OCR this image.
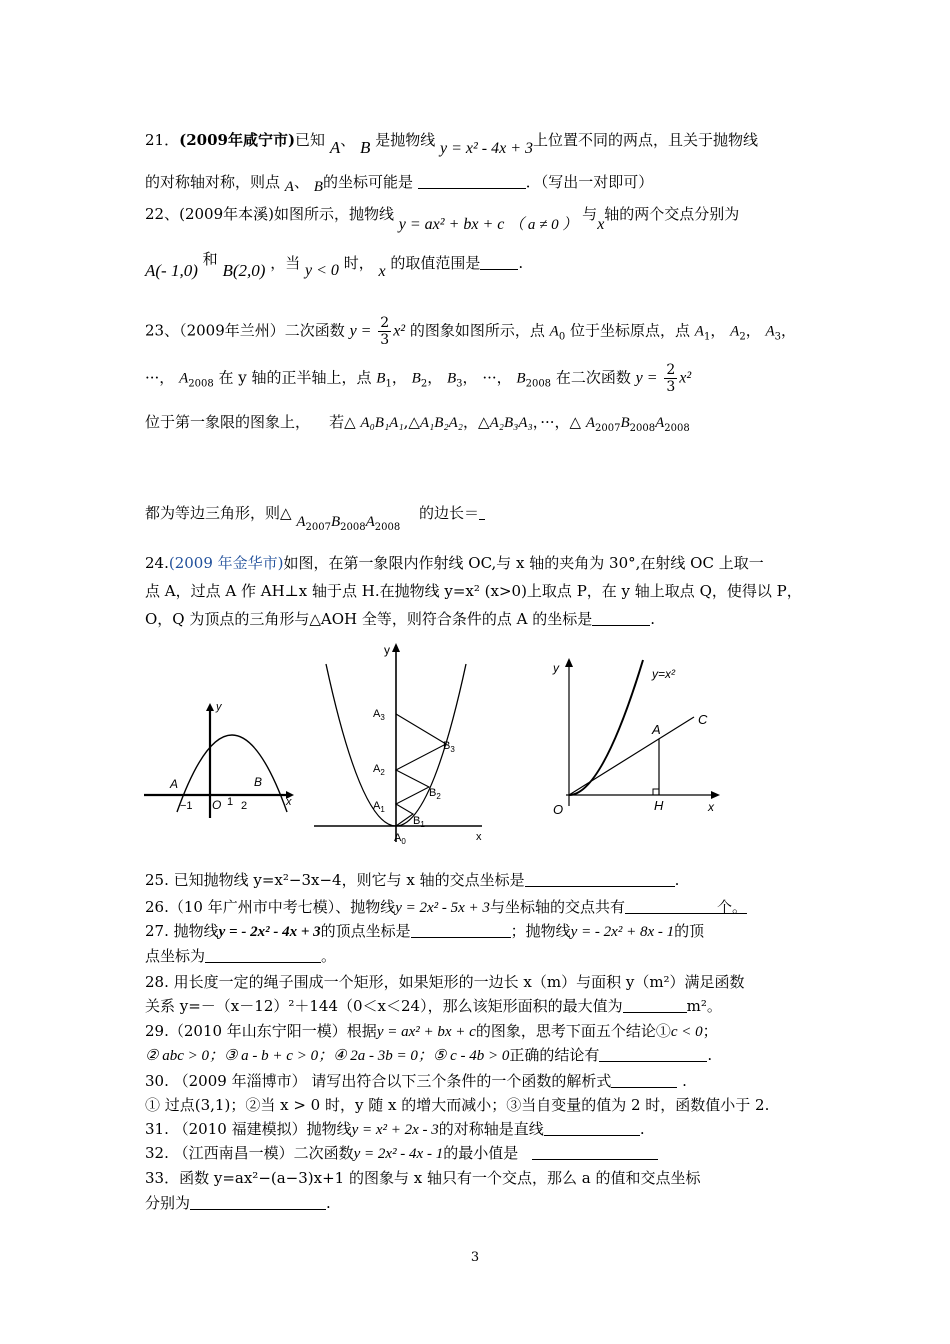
21．(2009年咸宁市)已知 A、 B 是抛物线 y = x² - 4x + 3上位置不同的两点，且关于抛物线
的对称轴对称，则点 A、 B的坐标可能是	．（写出一对即可）
22、(2009年本溪)如图所示，抛物线 y = ax² + bx + c （ a ≠ 0 ） 与x轴的两个交点分别为
A(- 1,0) 和 B(2,0) ，当 y < 0 时， x 的取值范围是	.
23、（2009年兰州）二次函数 $y = \frac{2}{3} x^2$ 的图象如图所示，点 $A_0$ 位于坐标原点，点 $A_1$， $A_2$， $A_3$，
···， $A_{2008}$ 在 y 轴的正半轴上，点 $B_1$， $B_2$， $B_3$， ···， $B_{2008}$ 在二次函数 $y = \frac{2}{3} x^2$
位于第一象限的图象上， 若△ A₀B₁A₁,△A₁B₂A₂，△A₂B₃A₃，···，△ $A_{2007}B_{2008}A_{2008}$
都为等边三角形，则△ $A_{2007}B_{2008}A_{2008}$ 的边长＝
24.(2009 年金华市)如图，在第一象限内作射线 OC,与 x 轴的夹角为 30°,在射线 OC 上取一
点 A，过点 A 作 AH⊥x 轴于点 H.在抛物线 y=x² (x>0)上取点 P，在 y 轴上取点 Q，使得以 P，
O，Q 为顶点的三角形与△AOH 全等，则符合条件的点 A 的坐标是	.
y
x
A	B
−1 O 1 2
y
x
$A_0$
$A_1$
$A_2$
$A_3$
$B_1$
$B_2$
$B_3$
y
x
y=x²
A
C
O	H
25. 已知抛物线 y=x²−3x−4，则它与 x 轴的交点坐标是	.
26.（10 年广州市中考七模）、抛物线y = 2x² - 5x + 3与坐标轴的交点共有	个。
27. 抛物线y = - 2x² - 4x + 3的顶点坐标是	；抛物线y = - 2x² + 8x - 1的顶
点坐标为	。
28. 用长度一定的绳子围成一个矩形，如果矩形的一边长 x（m）与面积 y（m²）满足函数
关系 y=－（x－12）²＋144（0＜x＜24），那么该矩形面积的最大值为	m²。
29.（2010 年山东宁阳一模）根据y = ax² + bx + c的图象，思考下面五个结论①c < 0；
② abc > 0；③ a - b + c > 0；④ 2a - 3b = 0；⑤ c - 4b > 0正确的结论有	.
30. （2009 年淄博市） 请写出符合以下三个条件的一个函数的解析式	.
① 过点(3,1)；②当 x > 0 时，y 随 x 的增大而减小；③当自变量的值为 2 时，函数值小于 2.
31. （2010 福建模拟）抛物线y = x² + 2x - 3的对称轴是直线	.
32. （江西南昌一模）二次函数y = 2x² - 4x - 1的最小值是
33．函数 y=ax²−(a−3)x+1 的图象与 x 轴只有一个交点，那么 a 的值和交点坐标
分别为	.
3
